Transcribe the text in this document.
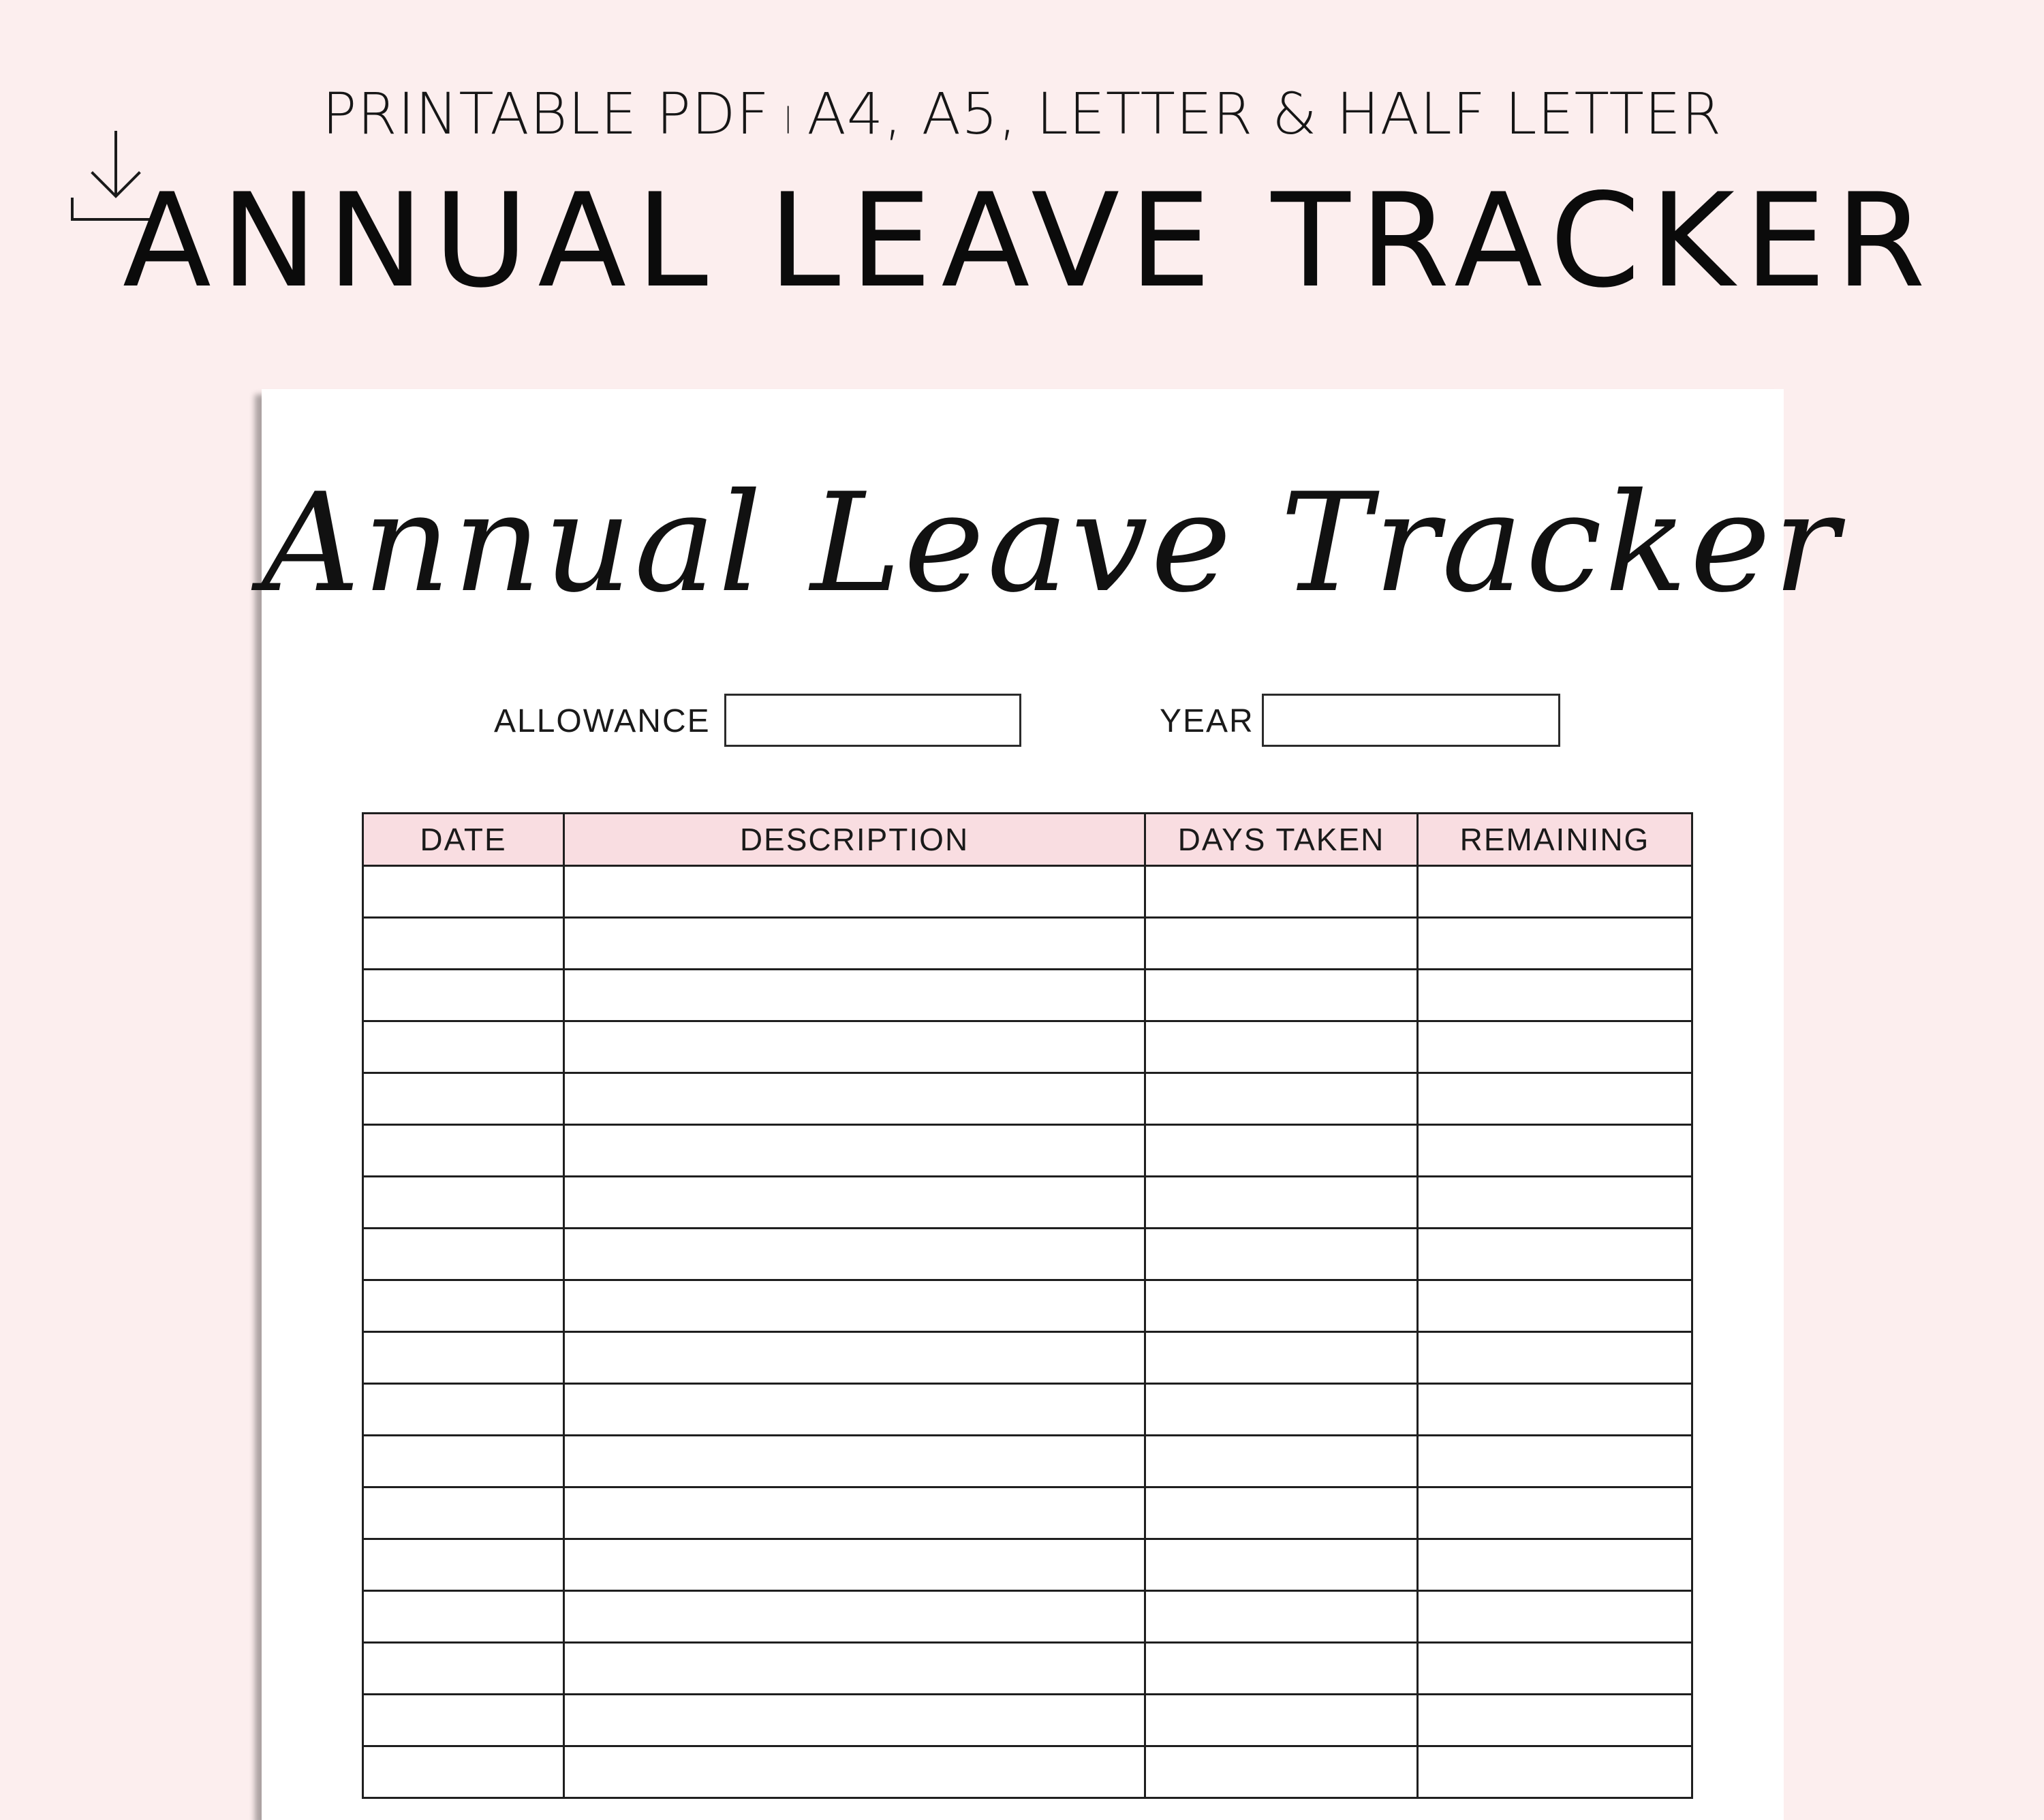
PRINTABLE PDF | A4, A5, LETTER & HALF LETTER
ANNUAL LEAVE TRACKER
Annual Leave Tracker
ALLOWANCE	YEAR
DATE	DESCRIPTION	DAYS TAKEN	REMAINING
